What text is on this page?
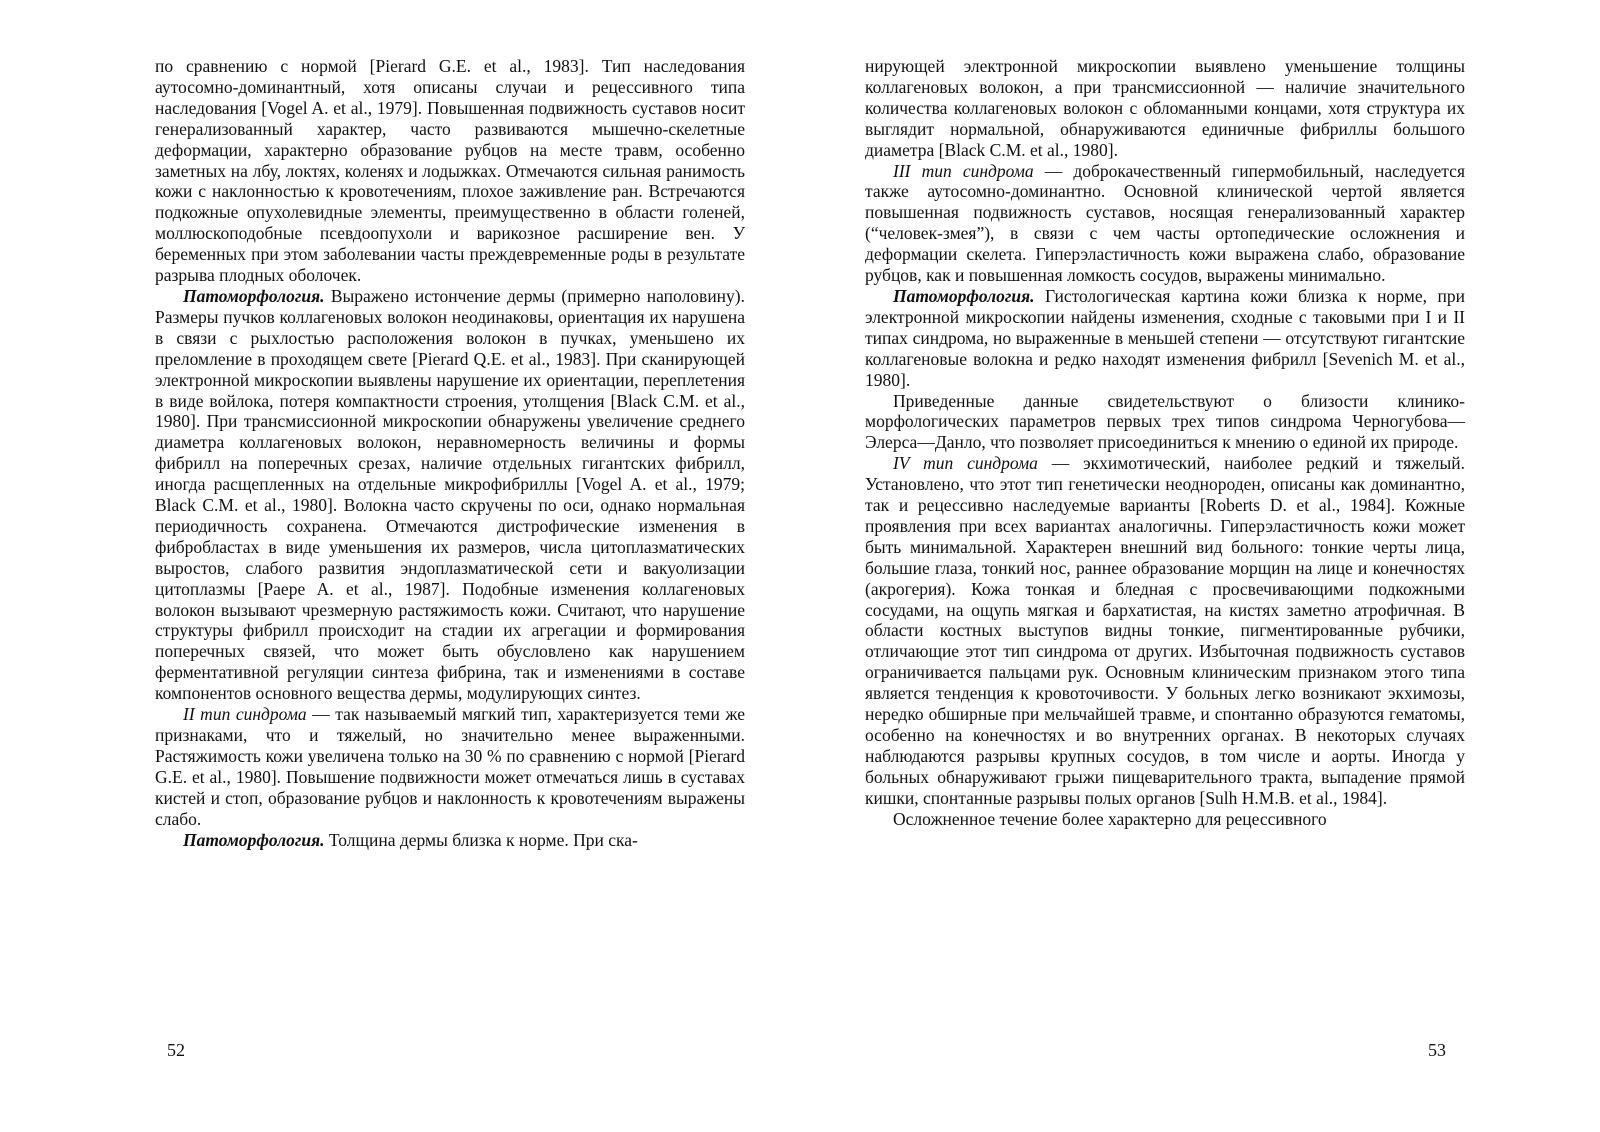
по сравнению с нормой [Pierard G.E. et al., 1983]. Тип наследования аутосомно-доминантный, хотя описаны случаи и рецессивного типа наследования [Vogel A. et al., 1979]. Повышенная подвижность суставов носит генерализованный характер, часто развиваются мышечно-скелетные деформации, характерно образование рубцов на месте травм, особенно заметных на лбу, локтях, коленях и лодыжках. Отмечаются сильная ранимость кожи с наклонностью к кровотечениям, плохое заживление ран. Встречаются подкожные опухолевидные элементы, преимущественно в области голеней, моллюскоподобные псевдоопухоли и варикозное расширение вен. У беременных при этом заболевании часты преждевременные роды в результате разрыва плодных оболочек.

Патоморфология. Выражено истончение дермы (примерно наполовину). Размеры пучков коллагеновых волокон неодинаковы, ориентация их нарушена в связи с рыхлостью расположения волокон в пучках, уменьшено их преломление в проходящем свете [Pierard Q.E. et al., 1983]. При сканирующей электронной микроскопии выявлены нарушение их ориентации, переплетения в виде войлока, потеря компактности строения, утолщения [Black C.M. et al., 1980]. При трансмиссионной микроскопии обнаружены увеличение среднего диаметра коллагеновых волокон, неравномерность величины и формы фибрилл на поперечных срезах, наличие отдельных гигантских фибрилл, иногда расщепленных на отдельные микрофибриллы [Vogel A. et al., 1979; Black C.M. et al., 1980]. Волокна часто скручены по оси, однако нормальная периодичность сохранена. Отмечаются дистрофические изменения в фибробластах в виде уменьшения их размеров, числа цитоплазматических выростов, слабого развития эндоплазматической сети и вакуолизации цитоплазмы [Paepe A. et al., 1987]. Подобные изменения коллагеновых волокон вызывают чрезмерную растяжимость кожи. Считают, что нарушение структуры фибрилл происходит на стадии их агрегации и формирования поперечных связей, что может быть обусловлено как нарушением ферментативной регуляции синтеза фибрина, так и изменениями в составе компонентов основного вещества дермы, модулирующих синтез.

II тип синдрома — так называемый мягкий тип, характеризуется теми же признаками, что и тяжелый, но значительно менее выраженными. Растяжимость кожи увеличена только на 30 % по сравнению с нормой [Pierard G.E. et al., 1980]. Повышение подвижности может отмечаться лишь в суставах кистей и стоп, образование рубцов и наклонность к кровотечениям выражены слабо.

Патоморфология. Толщина дермы близка к норме. При ска-

52

нирующей электронной микроскопии выявлено уменьшение толщины коллагеновых волокон, а при трансмиссионной — наличие значительного количества коллагеновых волокон с обломанными концами, хотя структура их выглядит нормальной, обнаруживаются единичные фибриллы большого диаметра [Black C.M. et al., 1980].

III тип синдрома — доброкачественный гипермобильный, наследуется также аутосомно-доминантно. Основной клинической чертой является повышенная подвижность суставов, носящая генерализованный характер (“человек-змея”), в связи с чем часты ортопедические осложнения и деформации скелета. Гиперэластичность кожи выражена слабо, образование рубцов, как и повышенная ломкость сосудов, выражены минимально.

Патоморфология. Гистологическая картина кожи близка к норме, при электронной микроскопии найдены изменения, сходные с таковыми при I и II типах синдрома, но выраженные в меньшей степени — отсутствуют гигантские коллагеновые волокна и редко находят изменения фибрилл [Sevenich M. et al., 1980].

Приведенные данные свидетельствуют о близости клинико-морфологических параметров первых трех типов синдрома Черногубова—Элерса—Данло, что позволяет присоединиться к мнению о единой их природе.

IV тип синдрома — экхимотический, наиболее редкий и тяжелый. Установлено, что этот тип генетически неоднороден, описаны как доминантно, так и рецессивно наследуемые варианты [Roberts D. et al., 1984]. Кожные проявления при всех вариантах аналогичны. Гиперэластичность кожи может быть минимальной. Характерен внешний вид больного: тонкие черты лица, большие глаза, тонкий нос, раннее образование морщин на лице и конечностях (акрогерия). Кожа тонкая и бледная с просвечивающими подкожными сосудами, на ощупь мягкая и бархатистая, на кистях заметно атрофичная. В области костных выступов видны тонкие, пигментированные рубчики, отличающие этот тип синдрома от других. Избыточная подвижность суставов ограничивается пальцами рук. Основным клиническим признаком этого типа является тенденция к кровоточивости. У больных легко возникают экхимозы, нередко обширные при мельчайшей травме, и спонтанно образуются гематомы, особенно на конечностях и во внутренних органах. В некоторых случаях наблюдаются разрывы крупных сосудов, в том числе и аорты. Иногда у больных обнаруживают грыжи пищеварительного тракта, выпадение прямой кишки, спонтанные разрывы полых органов [Sulh H.M.B. et al., 1984].

Осложненное течение более характерно для рецессивного

53
